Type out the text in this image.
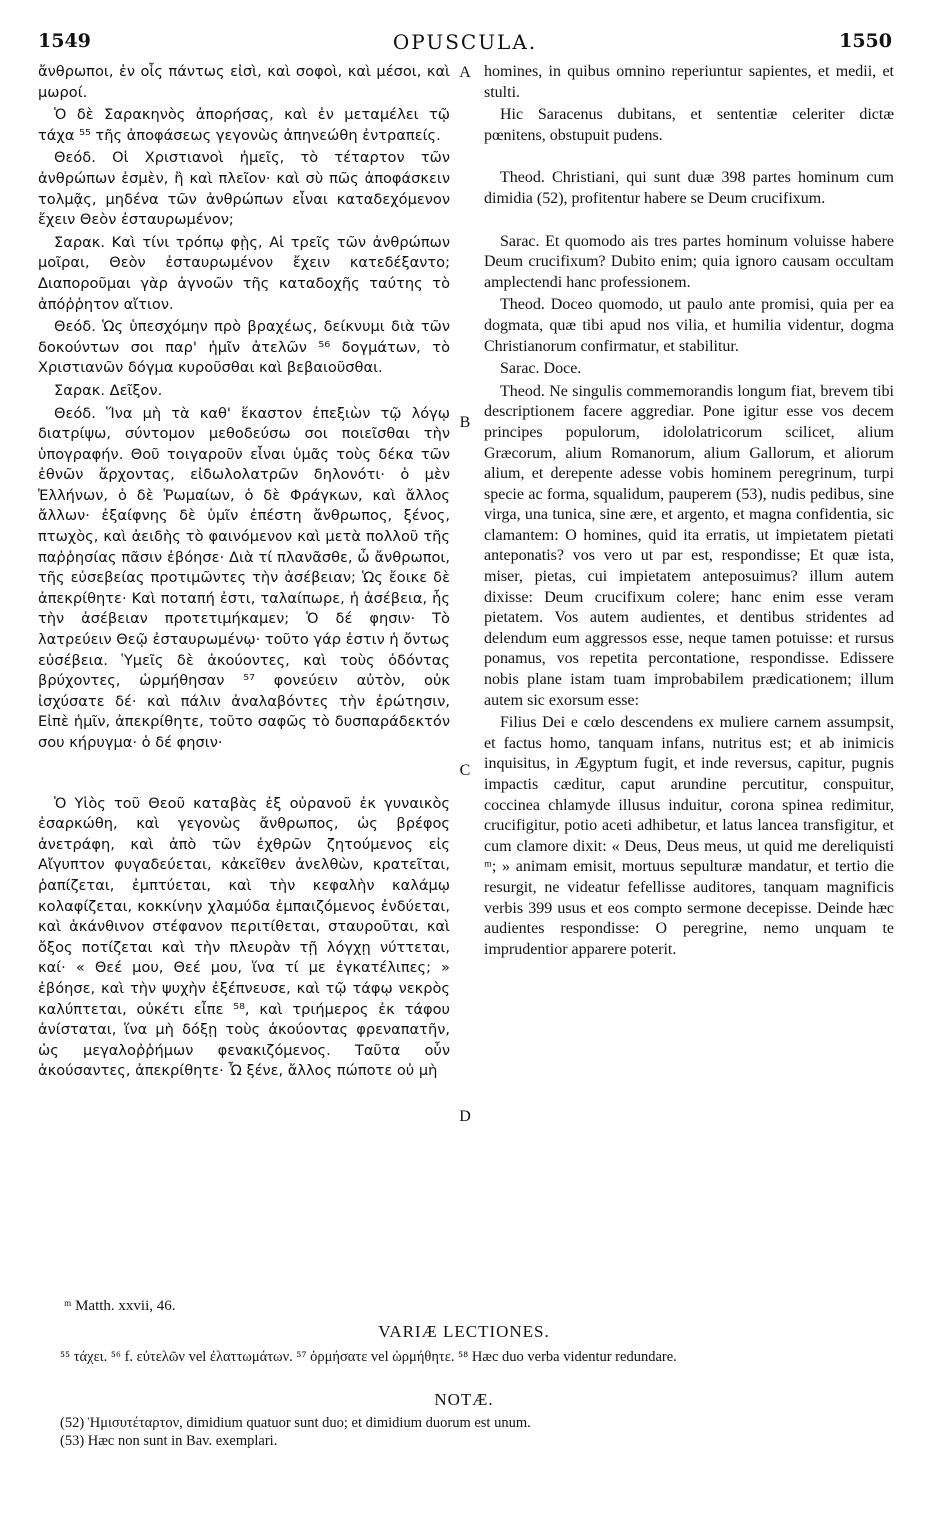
1549	OPUSCULA.	1550

ἄνθρωποι, ἐν οἷς πάντως εἰσὶ, καὶ σοφοὶ, καὶ μέσοι, καὶ μωροί.

Ὁ δὲ Σαρακηνὸς ἀπορήσας, καὶ ἐν μεταμέλει τῷ τάχα ⁵⁵ τῆς ἀποφάσεως γεγονὼς ἀπηνεώθη ἐντραπείς.

Θεόδ. Οἱ Χριστιανοὶ ἡμεῖς, τὸ τέταρτον τῶν ἀνθρώπων ἐσμὲν, ἢ καὶ πλεῖον· καὶ σὺ πῶς ἀποφάσκειν τολμᾷς, μηδένα τῶν ἀνθρώπων εἶναι καταδεχόμενον ἔχειν Θεὸν ἐσταυρωμένον;

Σαρακ. Καὶ τίνι τρόπῳ φῂς, Αἱ τρεῖς τῶν ἀνθρώπων μοῖραι, Θεὸν ἐσταυρωμένον ἔχειν κατεδέξαντο; Διαποροῦμαι γὰρ ἀγνοῶν τῆς καταδοχῆς ταύτης τὸ ἀπόῤῥητον αἴτιον.

Θεόδ. Ὡς ὑπεσχόμην πρὸ βραχέως, δείκνυμι διὰ τῶν δοκούντων σοι παρ' ἡμῖν ἀτελῶν ⁵⁶ δογμάτων, τὸ Χριστιανῶν δόγμα κυροῦσθαι καὶ βεβαιοῦσθαι.

Σαρακ. Δεῖξον.

Θεόδ. Ἵνα μὴ τὰ καθ' ἕκαστον ἐπεξιὼν τῷ λόγῳ διατρίψω, σύντομον μεθοδεύσω σοι ποιεῖσθαι τὴν ὑπογραφήν. Θοῦ τοιγαροῦν εἶναι ὑμᾶς τοὺς δέκα τῶν ἐθνῶν ἄρχοντας, εἰδωλολατρῶν δηλονότι· ὁ μὲν Ἑλλήνων, ὁ δὲ Ῥωμαίων, ὁ δὲ Φράγκων, καὶ ἄλλος ἄλλων· ἐξαίφνης δὲ ὑμῖν ἐπέστη ἄνθρωπος, ξένος, πτωχὸς, καὶ ἀειδὴς τὸ φαινόμενον καὶ μετὰ πολλοῦ τῆς παῤῥησίας πᾶσιν ἐβόησε· Διὰ τί πλανᾶσθε, ὦ ἄνθρωποι, τῆς εὐσεβείας προτιμῶντες τὴν ἀσέβειαν; Ὡς ἔοικε δὲ ἀπεκρίθητε· Καὶ ποταπή ἐστι, ταλαίπωρε, ἡ ἀσέβεια, ἧς τὴν ἀσέβειαν προτετιμήκαμεν; Ὁ δέ φησιν· Τὸ λατρεύειν Θεῷ ἐσταυρωμένῳ· τοῦτο γάρ ἐστιν ἡ ὄντως εὐσέβεια. Ὑμεῖς δὲ ἀκούοντες, καὶ τοὺς ὀδόντας βρύχοντες, ὡρμήθησαν ⁵⁷ φονεύειν αὐτὸν, οὐκ ἰσχύσατε δέ· καὶ πάλιν ἀναλαβόντες τὴν ἐρώτησιν, Εἰπὲ ἡμῖν, ἀπεκρίθητε, τοῦτο σαφῶς τὸ δυσπαράδεκτόν σου κήρυγμα· ὁ δέ φησιν·

Ὁ Υἱὸς τοῦ Θεοῦ καταβὰς ἐξ οὐρανοῦ ἐκ γυναικὸς ἐσαρκώθη, καὶ γεγονὼς ἄνθρωπος, ὡς βρέφος ἀνετράφη, καὶ ἀπὸ τῶν ἐχθρῶν ζητούμενος εἰς Αἴγυπτον φυγαδεύεται, κἀκεῖθεν ἀνελθὼν, κρατεῖται, ῥαπίζεται, ἐμπτύεται, καὶ τὴν κεφαλὴν καλάμῳ κολαφίζεται, κοκκίνην χλαμύδα ἐμπαιζόμενος ἐνδύεται, καὶ ἀκάνθινον στέφανον περιτίθεται, σταυροῦται, καὶ ὄξος ποτίζεται καὶ τὴν πλευρὰν τῇ λόγχῃ νύττεται, καί· « Θεέ μου, Θεέ μου, ἵνα τί με ἐγκατέλιπες; » ἐβόησε, καὶ τὴν ψυχὴν ἐξέπνευσε, καὶ τῷ τάφῳ νεκρὸς καλύπτεται, οὐκέτι εἶπε ⁵⁸, καὶ τριήμερος ἐκ τάφου ἀνίσταται, ἵνα μὴ δόξῃ τοὺς ἀκούοντας φρεναπατῆν, ὡς μεγαλοῤῥήμων φενακιζόμενος. Ταῦτα οὖν ἀκούσαντες, ἀπεκρίθητε· Ὦ ξένε, ἄλλος πώποτε οὐ μὴ

A
B
C
D

homines, in quibus omnino reperiuntur sapientes, et medii, et stulti.

Hic Saracenus dubitans, et sententiæ celeriter dictæ pœnitens, obstupuit pudens.

Theod. Christiani, qui sunt duæ 398 partes hominum cum dimidia (52), profitentur habere se Deum crucifixum.

Sarac. Et quomodo ais tres partes hominum voluisse habere Deum crucifixum? Dubito enim; quia ignoro causam occultam amplectendi hanc professionem.

Theod. Doceo quomodo, ut paulo ante promisi, quia per ea dogmata, quæ tibi apud nos vilia, et humilia videntur, dogma Christianorum confirmatur, et stabilitur.

Sarac. Doce.

Theod. Ne singulis commemorandis longum fiat, brevem tibi descriptionem facere aggrediar. Pone igitur esse vos decem principes populorum, idololatricorum scilicet, alium Græcorum, alium Romanorum, alium Gallorum, et aliorum alium, et derepente adesse vobis hominem peregrinum, turpi specie ac forma, squalidum, pauperem (53), nudis pedibus, sine virga, una tunica, sine ære, et argento, et magna confidentia, sic clamantem: O homines, quid ita erratis, ut impietatem pietati anteponatis? vos vero ut par est, respondisse; Et quæ ista, miser, pietas, cui impietatem anteposuimus? illum autem dixisse: Deum crucifixum colere; hanc enim esse veram pietatem. Vos autem audientes, et dentibus stridentes ad delendum eum aggressos esse, neque tamen potuisse: et rursus ponamus, vos repetita percontatione, respondisse. Edissere nobis plane istam tuam improbabilem prædicationem; illum autem sic exorsum esse:

Filius Dei e cœlo descendens ex muliere carnem assumpsit, et factus homo, tanquam infans, nutritus est; et ab inimicis inquisitus, in Ægyptum fugit, et inde reversus, capitur, pugnis impactis cæditur, caput arundine percutitur, conspuitur, coccinea chlamyde illusus induitur, corona spinea redimitur, crucifigitur, potio aceti adhibetur, et latus lancea transfigitur, et cum clamore dixit: « Deus, Deus meus, ut quid me dereliquisti ᵐ; » animam emisit, mortuus sepulturæ mandatur, et tertio die resurgit, ne videatur fefellisse auditores, tanquam magnificis verbis 399 usus et eos compto sermone decepisse. Deinde hæc audientes respondisse: O peregrine, nemo unquam te imprudentior apparere poterit.

ᵐ Matth. xxvii, 46.
VARIÆ LECTIONES.
⁵⁵ τάχει. ⁵⁶ f. εὐτελῶν vel ἐλαττωμάτων. ⁵⁷ ὁρμήσατε vel ὡρμήθητε. ⁵⁸ Hæc duo verba videntur redundare.
NOTÆ.
(52) Ἡμισυτέταρτον, dimidium quatuor sunt duo; et dimidium duorum est unum.
(53) Hæc non sunt in Bav. exemplari.
